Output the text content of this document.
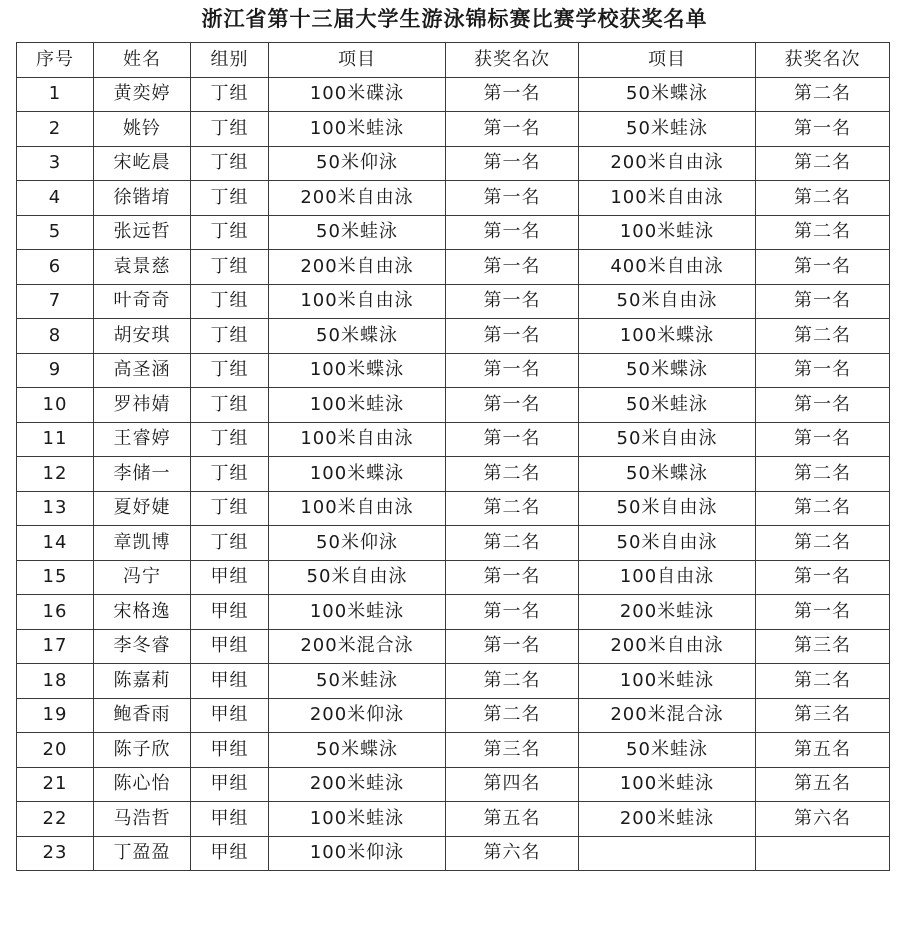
浙江省第十三届大学生游泳锦标赛比赛学校获奖名单
序号	姓名	组别	项目	获奖名次	项目	获奖名次
1	黄奕婷	丁组	100米碟泳	第一名	50米蝶泳	第二名
2	姚钤	丁组	100米蛙泳	第一名	50米蛙泳	第一名
3	宋屹晨	丁组	50米仰泳	第一名	200米自由泳	第二名
4	徐锴堉	丁组	200米自由泳	第一名	100米自由泳	第二名
5	张远哲	丁组	50米蛙泳	第一名	100米蛙泳	第二名
6	袁景慈	丁组	200米自由泳	第一名	400米自由泳	第一名
7	叶奇奇	丁组	100米自由泳	第一名	50米自由泳	第一名
8	胡安琪	丁组	50米蝶泳	第一名	100米蝶泳	第二名
9	高圣涵	丁组	100米蝶泳	第一名	50米蝶泳	第一名
10	罗祎婧	丁组	100米蛙泳	第一名	50米蛙泳	第一名
11	王睿婷	丁组	100米自由泳	第一名	50米自由泳	第一名
12	李储一	丁组	100米蝶泳	第二名	50米蝶泳	第二名
13	夏妤婕	丁组	100米自由泳	第二名	50米自由泳	第二名
14	章凯博	丁组	50米仰泳	第二名	50米自由泳	第二名
15	冯宁	甲组	50米自由泳	第一名	100自由泳	第一名
16	宋格逸	甲组	100米蛙泳	第一名	200米蛙泳	第一名
17	李冬睿	甲组	200米混合泳	第一名	200米自由泳	第三名
18	陈嘉莉	甲组	50米蛙泳	第二名	100米蛙泳	第二名
19	鲍香雨	甲组	200米仰泳	第二名	200米混合泳	第三名
20	陈子欣	甲组	50米蝶泳	第三名	50米蛙泳	第五名
21	陈心怡	甲组	200米蛙泳	第四名	100米蛙泳	第五名
22	马浩哲	甲组	100米蛙泳	第五名	200米蛙泳	第六名
23	丁盈盈	甲组	100米仰泳	第六名		
